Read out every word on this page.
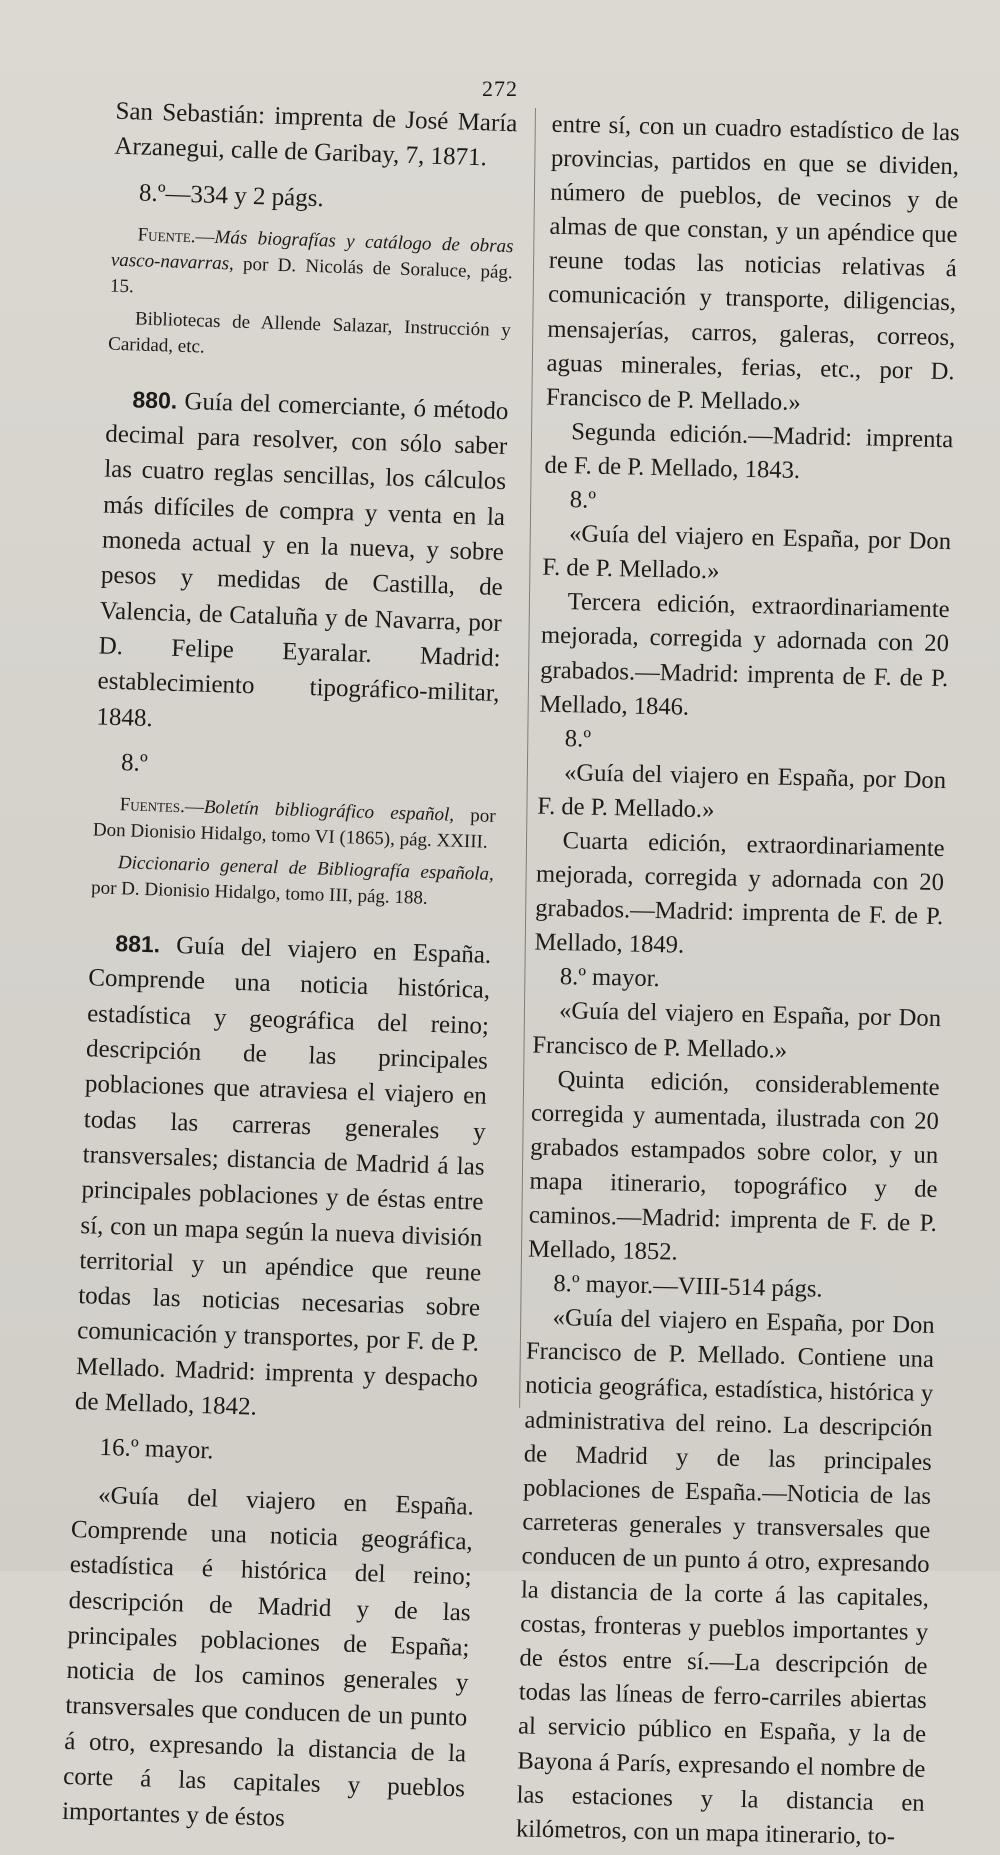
272

San Sebastián: imprenta de José María Arzanegui, calle de Garibay, 7, 1871.

8.º—334 y 2 págs.

Fuente.—Más biografías y catálogo de obras vasco-navarras, por D. Nicolás de Soraluce, pág. 15.

Bibliotecas de Allende Salazar, Instrucción y Caridad, etc.

880. Guía del comerciante, ó método decimal para resolver, con sólo saber las cuatro reglas sencillas, los cálculos más difíciles de compra y venta en la moneda actual y en la nueva, y sobre pesos y medidas de Castilla, de Valencia, de Cataluña y de Navarra, por D. Felipe Eyaralar. Madrid: establecimiento tipográfico-militar, 1848.

8.º

Fuentes.—Boletín bibliográfico español, por Don Dionisio Hidalgo, tomo VI (1865), pág. XXIII.

Diccionario general de Bibliografía española, por D. Dionisio Hidalgo, tomo III, pág. 188.

881. Guía del viajero en España. Comprende una noticia histórica, estadística y geográfica del reino; descripción de las principales poblaciones que atraviesa el viajero en todas las carreras generales y transversales; distancia de Madrid á las principales poblaciones y de éstas entre sí, con un mapa según la nueva división territorial y un apéndice que reune todas las noticias necesarias sobre comunicación y transportes, por F. de P. Mellado. Madrid: imprenta y despacho de Mellado, 1842.

16.º mayor.

«Guía del viajero en España. Comprende una noticia geográfica, estadística é histórica del reino; descripción de Madrid y de las principales poblaciones de España; noticia de los caminos generales y transversales que conducen de un punto á otro, expresando la distancia de la corte á las capitales y pueblos importantes y de éstos

entre sí, con un cuadro estadístico de las provincias, partidos en que se dividen, número de pueblos, de vecinos y de almas de que constan, y un apéndice que reune todas las noticias relativas á comunicación y transporte, diligencias, mensajerías, carros, galeras, correos, aguas minerales, ferias, etc., por D. Francisco de P. Mellado.»

Segunda edición.—Madrid: imprenta de F. de P. Mellado, 1843.

8.º

«Guía del viajero en España, por Don F. de P. Mellado.»

Tercera edición, extraordinariamente mejorada, corregida y adornada con 20 grabados.—Madrid: imprenta de F. de P. Mellado, 1846.

8.º

«Guía del viajero en España, por Don F. de P. Mellado.»

Cuarta edición, extraordinariamente mejorada, corregida y adornada con 20 grabados.—Madrid: imprenta de F. de P. Mellado, 1849.

8.º mayor.

«Guía del viajero en España, por Don Francisco de P. Mellado.»

Quinta edición, considerablemente corregida y aumentada, ilustrada con 20 grabados estampados sobre color, y un mapa itinerario, topográfico y de caminos.—Madrid: imprenta de F. de P. Mellado, 1852.

8.º mayor.—VIII-514 págs.

«Guía del viajero en España, por Don Francisco de P. Mellado. Contiene una noticia geográfica, estadística, histórica y administrativa del reino. La descripción de Madrid y de las principales poblaciones de España.—Noticia de las carreteras generales y transversales que conducen de un punto á otro, expresando la distancia de la corte á las capitales, costas, fronteras y pueblos importantes y de éstos entre sí.—La descripción de todas las líneas de ferro-carriles abiertas al servicio público en España, y la de Bayona á París, expresando el nombre de las estaciones y la distancia en kilómetros, con un mapa itinerario, to-
